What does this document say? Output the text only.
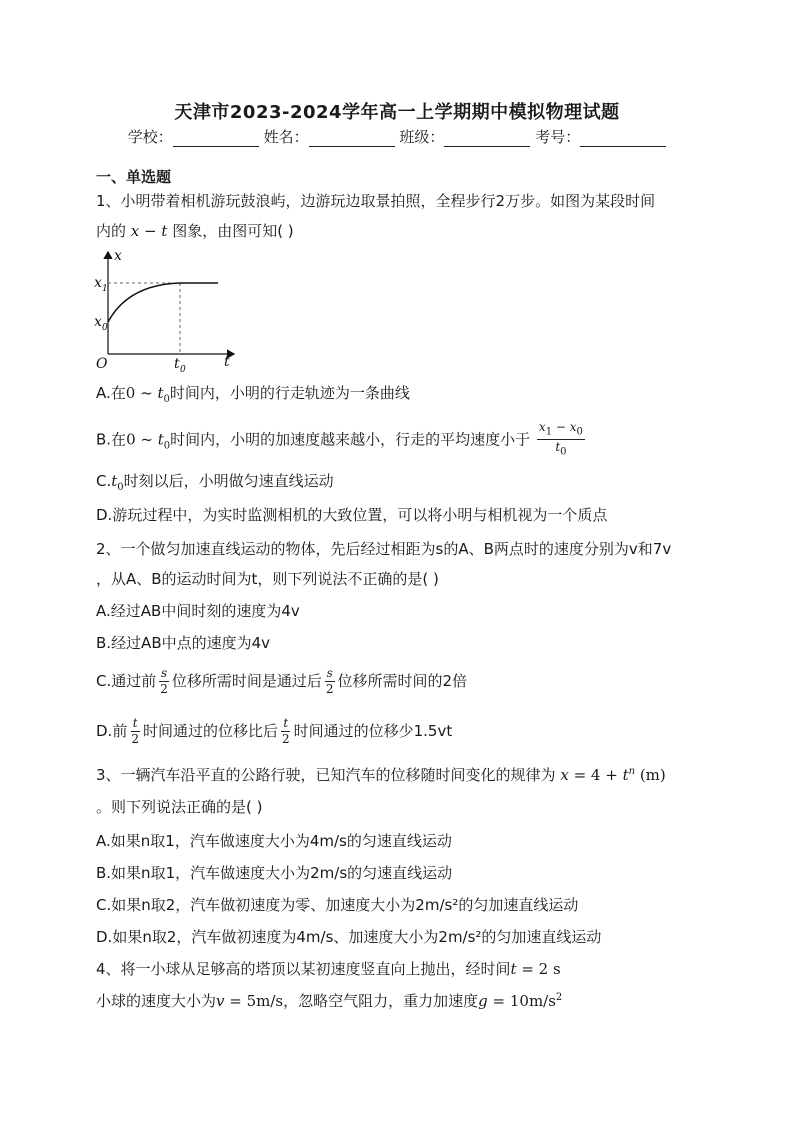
天津市2023-2024学年高一上学期期中模拟物理试题
学校：	姓名：	班级：	考号：
一、单选题
1、小明带着相机游玩鼓浪屿，边游玩边取景拍照，全程步行2万步。如图为某段时间
内的 x − t 图象，由图可知( )
x
t
O
x 1
x 0
t 0
A.在0 ~ $t_0$时间内，小明的行走轨迹为一条曲线
B.在0 ~ $t_0$时间内，小明的加速度越来越小，行走的平均速度小于 $\frac{x_1 - x_0}{t_0}$
$C.t_0$时刻以后，小明做匀速直线运动
D.游玩过程中，为实时监测相机的大致位置，可以将小明与相机视为一个质点
2、一个做匀加速直线运动的物体，先后经过相距为s的A、B两点时的速度分别为v和7v
，从A、B的运动时间为t，则下列说法不正确的是( )
A.经过AB中间时刻的速度为4v
B.经过AB中点的速度为4v
C.通过前 $\frac{s}{2}$ 位移所需时间是通过后 $\frac{s}{2}$ 位移所需时间的2倍
D.前 $\frac{t}{2}$ 时间通过的位移比后 $\frac{t}{2}$ 时间通过的位移少1.5vt
3、一辆汽车沿平直的公路行驶，已知汽车的位移随时间变化的规律为 $x = 4 + t^n$ (m)
。则下列说法正确的是( )
A.如果n取1，汽车做速度大小为4m/s的匀速直线运动
B.如果n取1，汽车做速度大小为2m/s的匀速直线运动
C.如果n取2，汽车做初速度为零、加速度大小为2m/s²的匀加速直线运动
D.如果n取2，汽车做初速度为4m/s、加速度大小为2m/s²的匀加速直线运动
4、将一小球从足够高的塔顶以某初速度竖直向上抛出，经时间t = 2 s
小球的速度大小为v = 5m/s，忽略空气阻力，重力加速度$g = 10m/s^2$
